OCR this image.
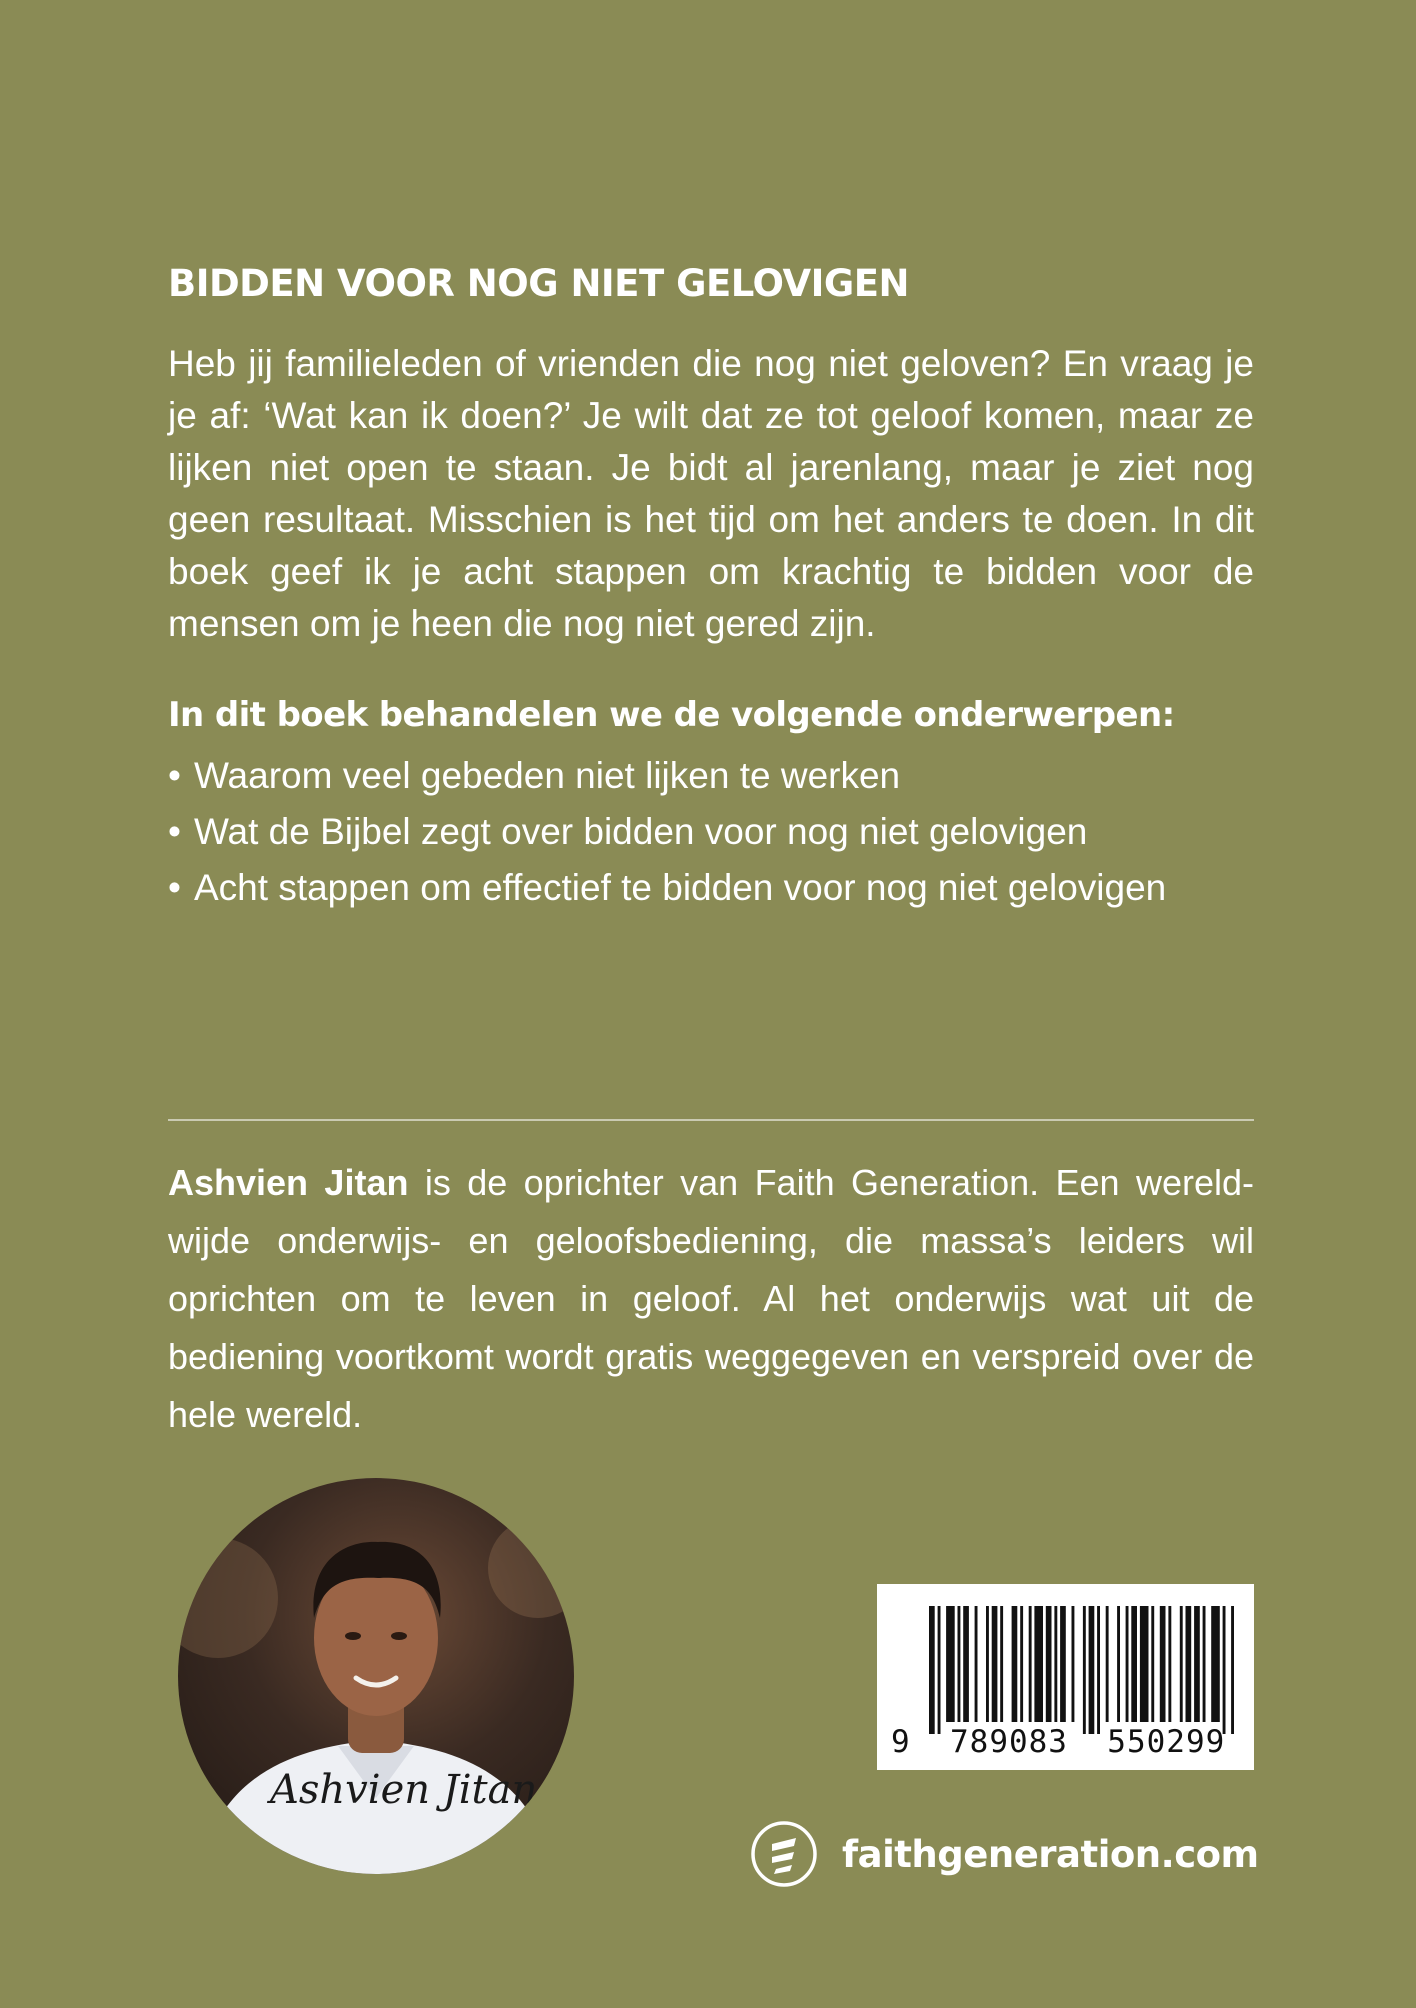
BIDDEN VOOR NOG NIET GELOVIGEN

Heb jij familieleden of vrienden die nog niet geloven? En vraag je je af: ‘Wat kan ik doen?’ Je wilt dat ze tot geloof komen, maar ze lijken niet open te staan. Je bidt al jarenlang, maar je ziet nog geen resultaat. Misschien is het tijd om het anders te doen. In dit boek geef ik je acht stappen om krachtig te bidden voor de mensen om je heen die nog niet gered zijn.

In dit boek behandelen we de volgende onderwerpen:
• Waarom veel gebeden niet lijken te werken
• Wat de Bijbel zegt over bidden voor nog niet gelovigen
• Acht stappen om effectief te bidden voor nog niet gelovigen

Ashvien Jitan is de oprichter van Faith Generation. Een wereldwijde onderwijs- en geloofsbediening, die massa’s leiders wil oprichten om te leven in geloof. Al het onderwijs wat uit de bediening voortkomt wordt gratis weggegeven en verspreid over de hele wereld.

Ashvien Jitan
9  789083  550299
faithgeneration.com
